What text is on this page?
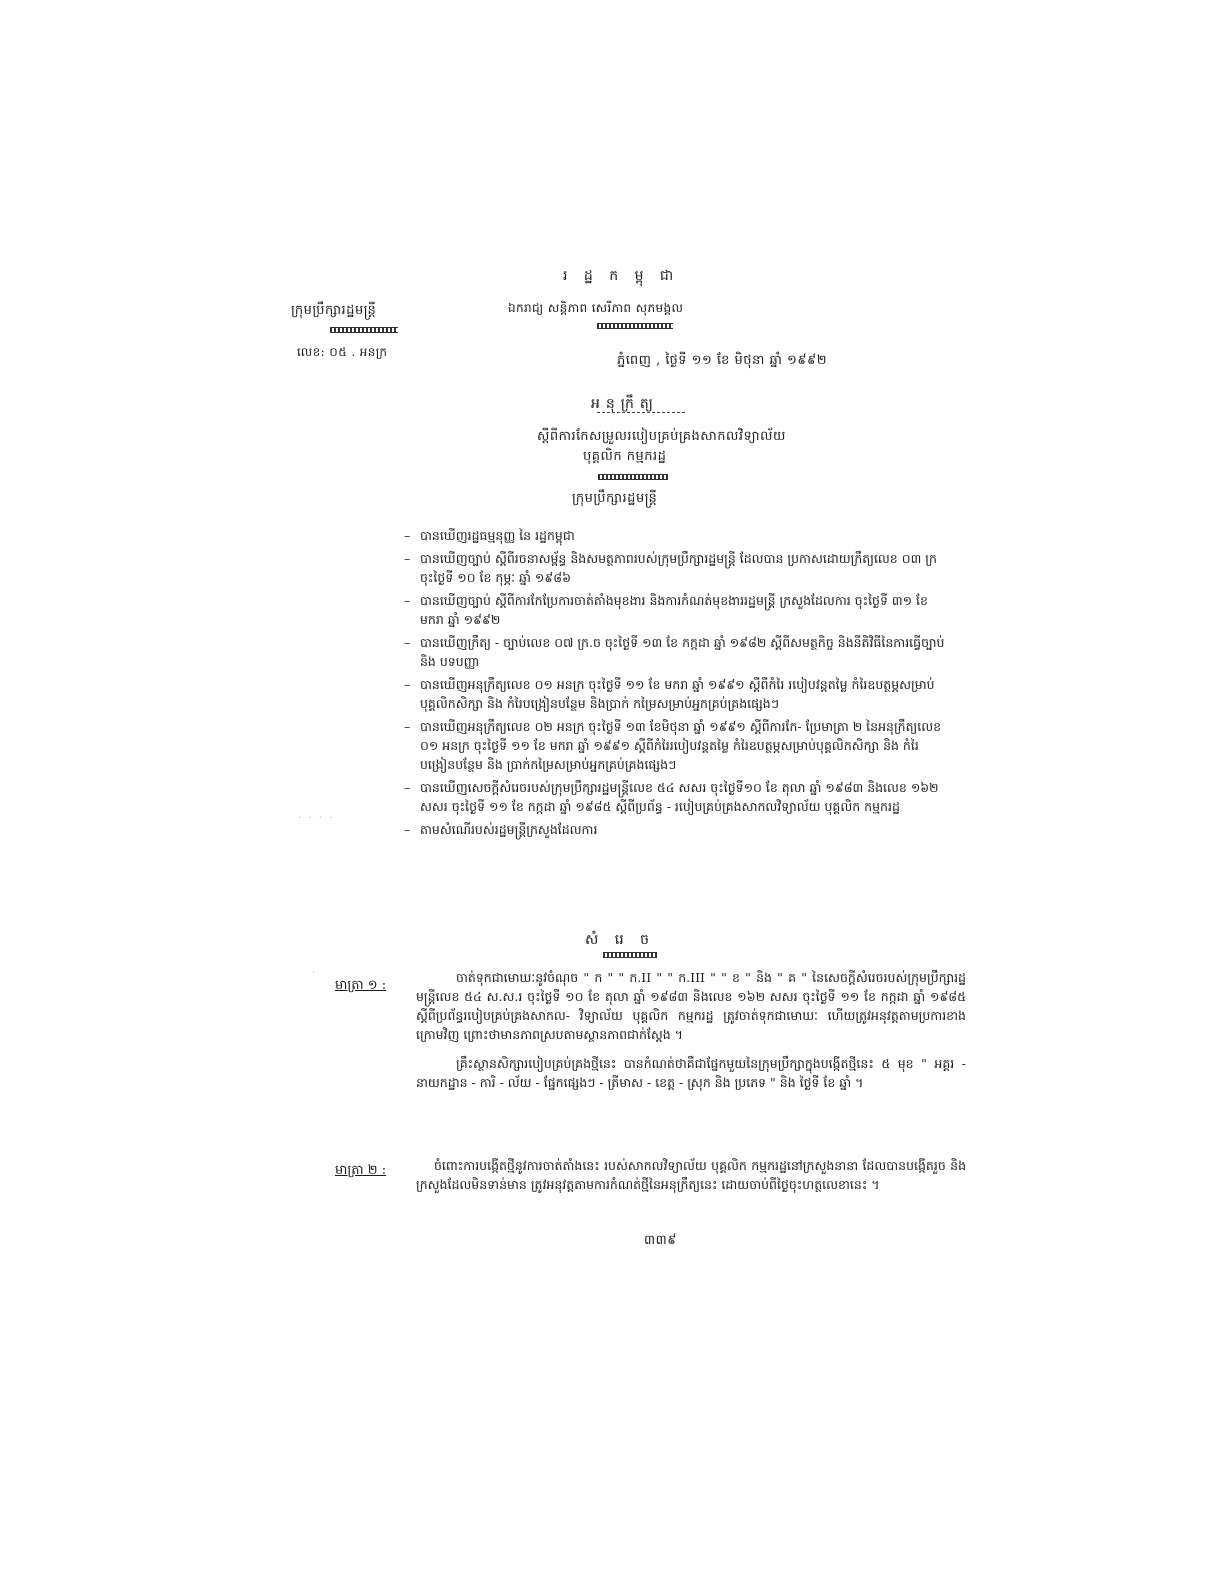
រ ដ្ឋ ក ម្ពុ ជា
ឯករាជ្យ សន្តិភាព សេរីភាព សុភមង្គល
ក្រុមប្រឹក្សារដ្ឋមន្ត្រី
លេខ: ០៥ . អនក្រ
ភ្នំពេញ , ថ្ងៃទី ១១ ខែ មិថុនា ឆ្នាំ ១៩៩២
អនុក្រឹត្យ
ស្តីពីការកែសម្រួលរបៀបគ្រប់គ្រងសាកលវិទ្យាល័យ
បុគ្គលិក កម្មករដ្ឋ
ក្រុមប្រឹក្សារដ្ឋមន្ត្រី
– បានឃើញរដ្ឋធម្មនុញ្ញ នៃ រដ្ឋកម្ពុជា
– បានឃើញច្បាប់ ស្តីពីរចនាសម្ព័ន្ធ និងសមត្ថភាពរបស់ក្រុមប្រឹក្សារដ្ឋមន្ត្រី ដែលបាន ប្រកាសដោយក្រឹត្យលេខ ០៣ ក្រ ចុះថ្ងៃទី ១០ ខែ កុម្ភៈ ឆ្នាំ ១៩៨៦
– បានឃើញច្បាប់ ស្តីពីការកែប្រែការចាត់តាំងមុខងារ និងការកំណត់មុខងាររដ្ឋមន្ត្រី ក្រសួងដែលការ ចុះថ្ងៃទី ៣១ ខែ មករា ឆ្នាំ ១៩៩២
– បានឃើញក្រឹត្យ - ច្បាប់លេខ ០៧ ក្រ.ច ចុះថ្ងៃទី ១៣ ខែ កក្កដា ឆ្នាំ ១៩៨២ ស្តីពីសមត្ថកិច្ច និងនីតិវិធីនៃការធ្វើច្បាប់ និង បទបញ្ញា
– បានឃើញអនុក្រឹត្យលេខ ០១ អនក្រ ចុះថ្ងៃទី ១១ ខែ មករា ឆ្នាំ ១៩៩១ ស្តីពីកំរៃ របៀបវន្តតម្លៃ កំរៃឧបត្ថម្ភសម្រាប់បុគ្គលិកសិក្សា និង កំរៃបង្រៀនបន្ថែម និងប្រាក់ កម្រៃសម្រាប់អ្នកគ្រប់គ្រងផ្សេងៗ
– បានឃើញអនុក្រឹត្យលេខ ០២ អនក្រ ចុះថ្ងៃទី ១៣ ខែមិថុនា ឆ្នាំ ១៩៩១ ស្តីពីការកែ- ប្រែមាត្រា ២ នៃអនុក្រឹត្យលេខ ០១ អនក្រ ចុះថ្ងៃទី ១១ ខែ មករា ឆ្នាំ ១៩៩១ ស្តីពីកំរៃរបៀបវន្តតម្លៃ កំរៃឧបត្ថម្ភសម្រាប់បុគ្គលិកសិក្សា និង កំរៃបង្រៀនបន្ថែម និង ប្រាក់កម្រៃសម្រាប់អ្នកគ្រប់គ្រងផ្សេងៗ
– បានឃើញសេចក្តីសំរេចរបស់ក្រុមប្រឹក្សារដ្ឋមន្ត្រីលេខ ៥៤ សសរ ចុះថ្ងៃទី១០ ខែ តុលា ឆ្នាំ ១៩៨៣ និងលេខ ១៦២ សសរ ចុះថ្ងៃទី ១១ ខែ កក្កដា ឆ្នាំ ១៩៨៥ ស្តីពីប្រព័ន្ធ - របៀបគ្រប់គ្រងសាកលវិទ្យាល័យ បុគ្គលិក កម្មករដ្ឋ
– តាមសំណើរបស់រដ្ឋមន្ត្រីក្រសួងដែលការ
សំ រេ ច
មាត្រា ១ :
ចាត់ទុកជាមោឃៈនូវចំណុច " ក " " ក.II " " ក.III " " ខ " និង " គ " នៃសេចក្តីសំរេចរបស់ក្រុមប្រឹក្សារដ្ឋមន្ត្រីលេខ ៥៤ ស.ស.រ ចុះថ្ងៃទី ១០ ខែ តុលា ឆ្នាំ ១៩៨៣ និងលេខ ១៦២ សសរ ចុះថ្ងៃទី ១១ ខែ កក្កដា ឆ្នាំ ១៩៨៥ ស្តីពីប្រព័ន្ធរបៀបគ្រប់គ្រងសាកល- វិទ្យាល័យ បុគ្គលិក កម្មករដ្ឋ ត្រូវចាត់ទុកជាមោឃៈ ហើយត្រូវអនុវត្តតាមប្រការខាង ក្រោមវិញ ព្រោះថាមានភាពស្របតាមស្ថានភាពជាក់ស្តែង ។
គ្រឹះស្ថានសិក្សារបៀបគ្រប់គ្រងថ្មីនេះ បានកំណត់ថាគឺជាផ្នែកមួយនៃក្រុមប្រឹក្សាក្នុងបង្កើតថ្មីនេះ ៥ មុខ " អគ្គរ - នាយកដ្ឋាន - ការិ - ល័យ - ផ្នែកផ្សេងៗ - ត្រីមាស - ខេត្ត - ស្រុក និង ប្រភេទ " និង ថ្ងៃទី ខែ ឆ្នាំ ។
មាត្រា ២ :	ចំពោះការបង្កើតថ្មីនូវការចាត់តាំងនេះ របស់សាកលវិទ្យាល័យ បុគ្គលិក កម្មករដ្ឋនៅក្រសួងនានា ដែលបានបង្កើតរួច និង ក្រសួងដែលមិនទាន់មាន ត្រូវអនុវត្តតាមការកំណត់ថ្មីនៃអនុក្រឹត្យនេះ ដោយចាប់ពីថ្ងៃចុះហត្ថលេខានេះ ។
៣៣៩
. . . .
.
